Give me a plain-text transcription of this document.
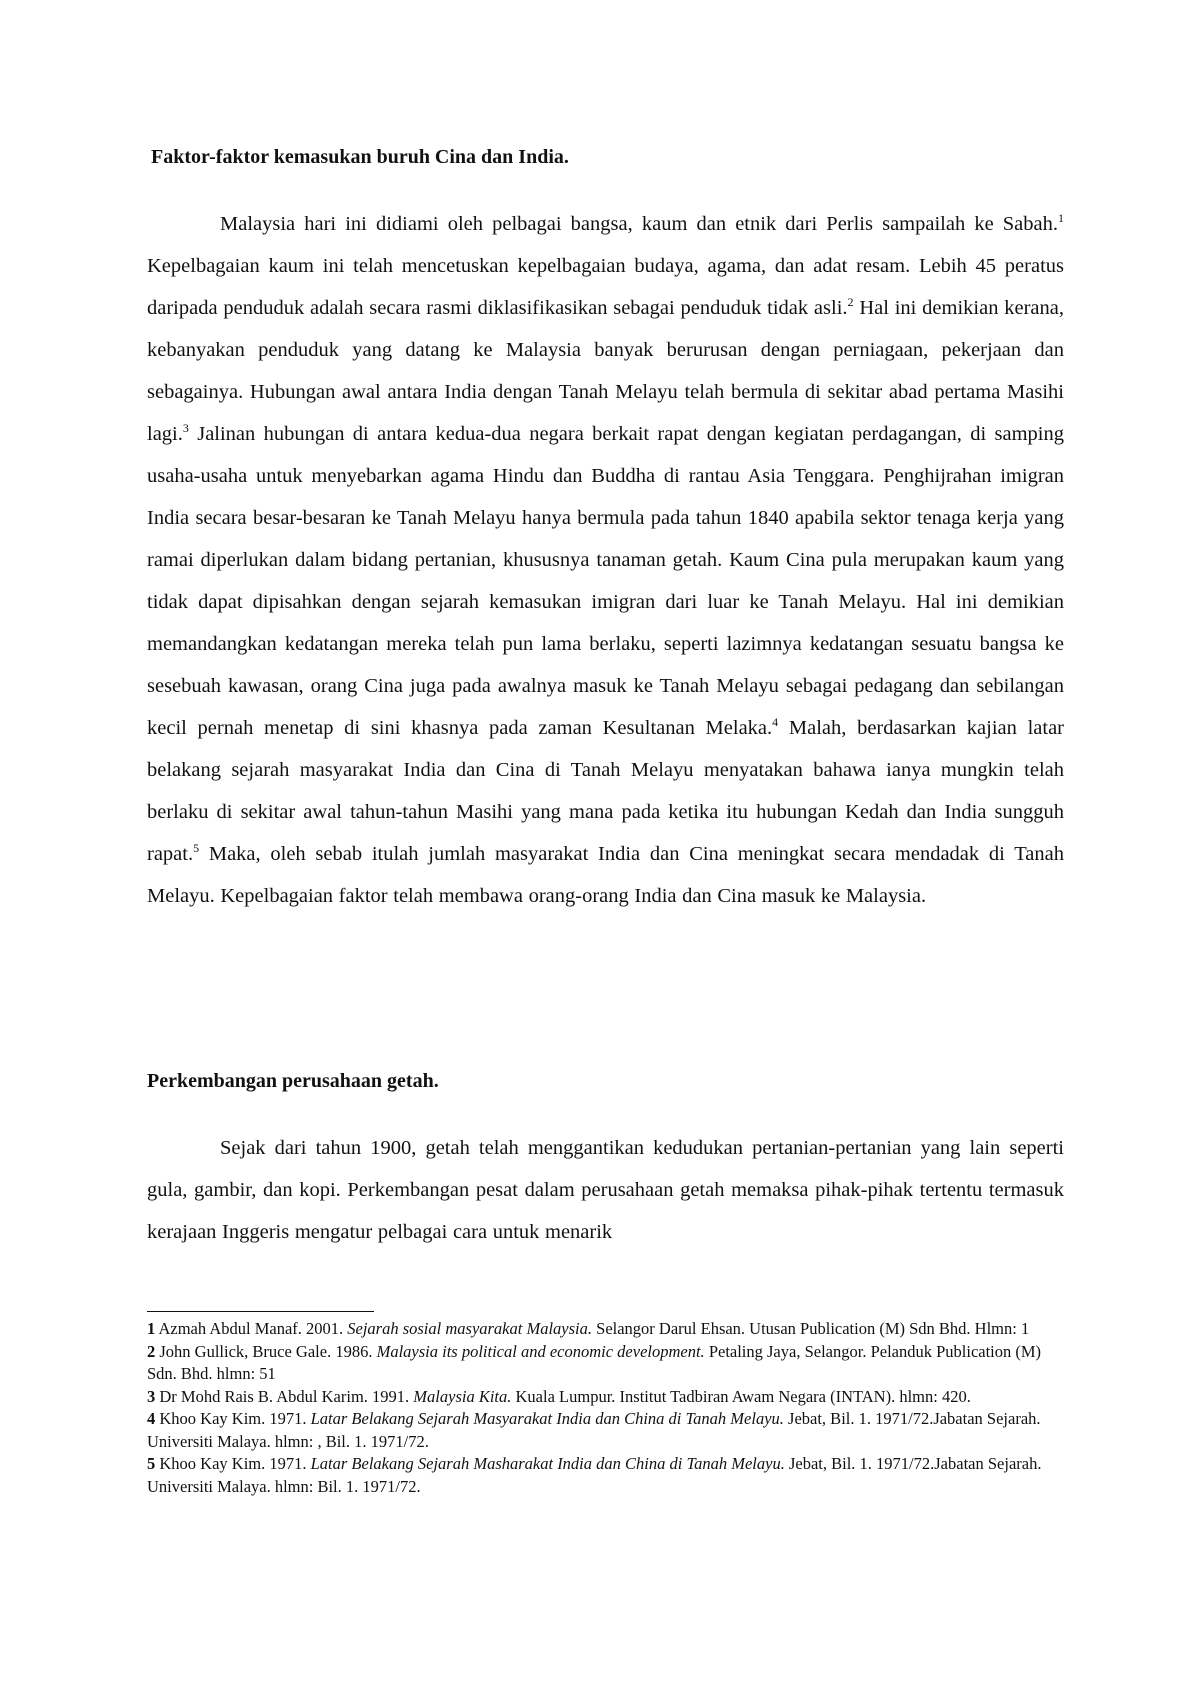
Faktor-faktor kemasukan buruh Cina dan India.

Malaysia hari ini didiami oleh pelbagai bangsa, kaum dan etnik dari Perlis sampailah ke Sabah.$^1$ Kepelbagaian kaum ini telah mencetuskan kepelbagaian budaya, agama, dan adat resam. Lebih 45 peratus daripada penduduk adalah secara rasmi diklasifikasikan sebagai penduduk tidak asli.$^2$ Hal ini demikian kerana, kebanyakan penduduk yang datang ke Malaysia banyak berurusan dengan perniagaan, pekerjaan dan sebagainya. Hubungan awal antara India dengan Tanah Melayu telah bermula di sekitar abad pertama Masihi lagi.$^3$ Jalinan hubungan di antara kedua-dua negara berkait rapat dengan kegiatan perdagangan, di samping usaha-usaha untuk menyebarkan agama Hindu dan Buddha di rantau Asia Tenggara. Penghijrahan imigran India secara besar-besaran ke Tanah Melayu hanya bermula pada tahun 1840 apabila sektor tenaga kerja yang ramai diperlukan dalam bidang pertanian, khususnya tanaman getah. Kaum Cina pula merupakan kaum yang tidak dapat dipisahkan dengan sejarah kemasukan imigran dari luar ke Tanah Melayu. Hal ini demikian memandangkan kedatangan mereka telah pun lama berlaku, seperti lazimnya kedatangan sesuatu bangsa ke sesebuah kawasan, orang Cina juga pada awalnya masuk ke Tanah Melayu sebagai pedagang dan sebilangan kecil pernah menetap di sini khasnya pada zaman Kesultanan Melaka.$^4$ Malah, berdasarkan kajian latar belakang sejarah masyarakat India dan Cina di Tanah Melayu menyatakan bahawa ianya mungkin telah berlaku di sekitar awal tahun-tahun Masihi yang mana pada ketika itu hubungan Kedah dan India sungguh rapat.$^5$ Maka, oleh sebab itulah jumlah masyarakat India dan Cina meningkat secara mendadak di Tanah Melayu. Kepelbagaian faktor telah membawa orang-orang India dan Cina masuk ke Malaysia.

Perkembangan perusahaan getah.

Sejak dari tahun 1900, getah telah menggantikan kedudukan pertanian-pertanian yang lain seperti gula, gambir, dan kopi. Perkembangan pesat dalam perusahaan getah memaksa pihak-pihak tertentu termasuk kerajaan Inggeris mengatur pelbagai cara untuk menarik

1 Azmah Abdul Manaf. 2001. Sejarah sosial masyarakat Malaysia. Selangor Darul Ehsan. Utusan Publication (M) Sdn Bhd. Hlmn: 1

2 John Gullick, Bruce Gale. 1986. Malaysia its political and economic development. Petaling Jaya, Selangor. Pelanduk Publication (M) Sdn. Bhd. hlmn: 51

3 Dr Mohd Rais B. Abdul Karim. 1991. Malaysia Kita. Kuala Lumpur. Institut Tadbiran Awam Negara (INTAN). hlmn: 420.

4 Khoo Kay Kim. 1971. Latar Belakang Sejarah Masyarakat India dan China di Tanah Melayu. Jebat, Bil. 1. 1971/72.Jabatan Sejarah. Universiti Malaya. hlmn: , Bil. 1. 1971/72.

5 Khoo Kay Kim. 1971. Latar Belakang Sejarah Masharakat India dan China di Tanah Melayu. Jebat, Bil. 1. 1971/72.Jabatan Sejarah. Universiti Malaya. hlmn: Bil. 1. 1971/72.
